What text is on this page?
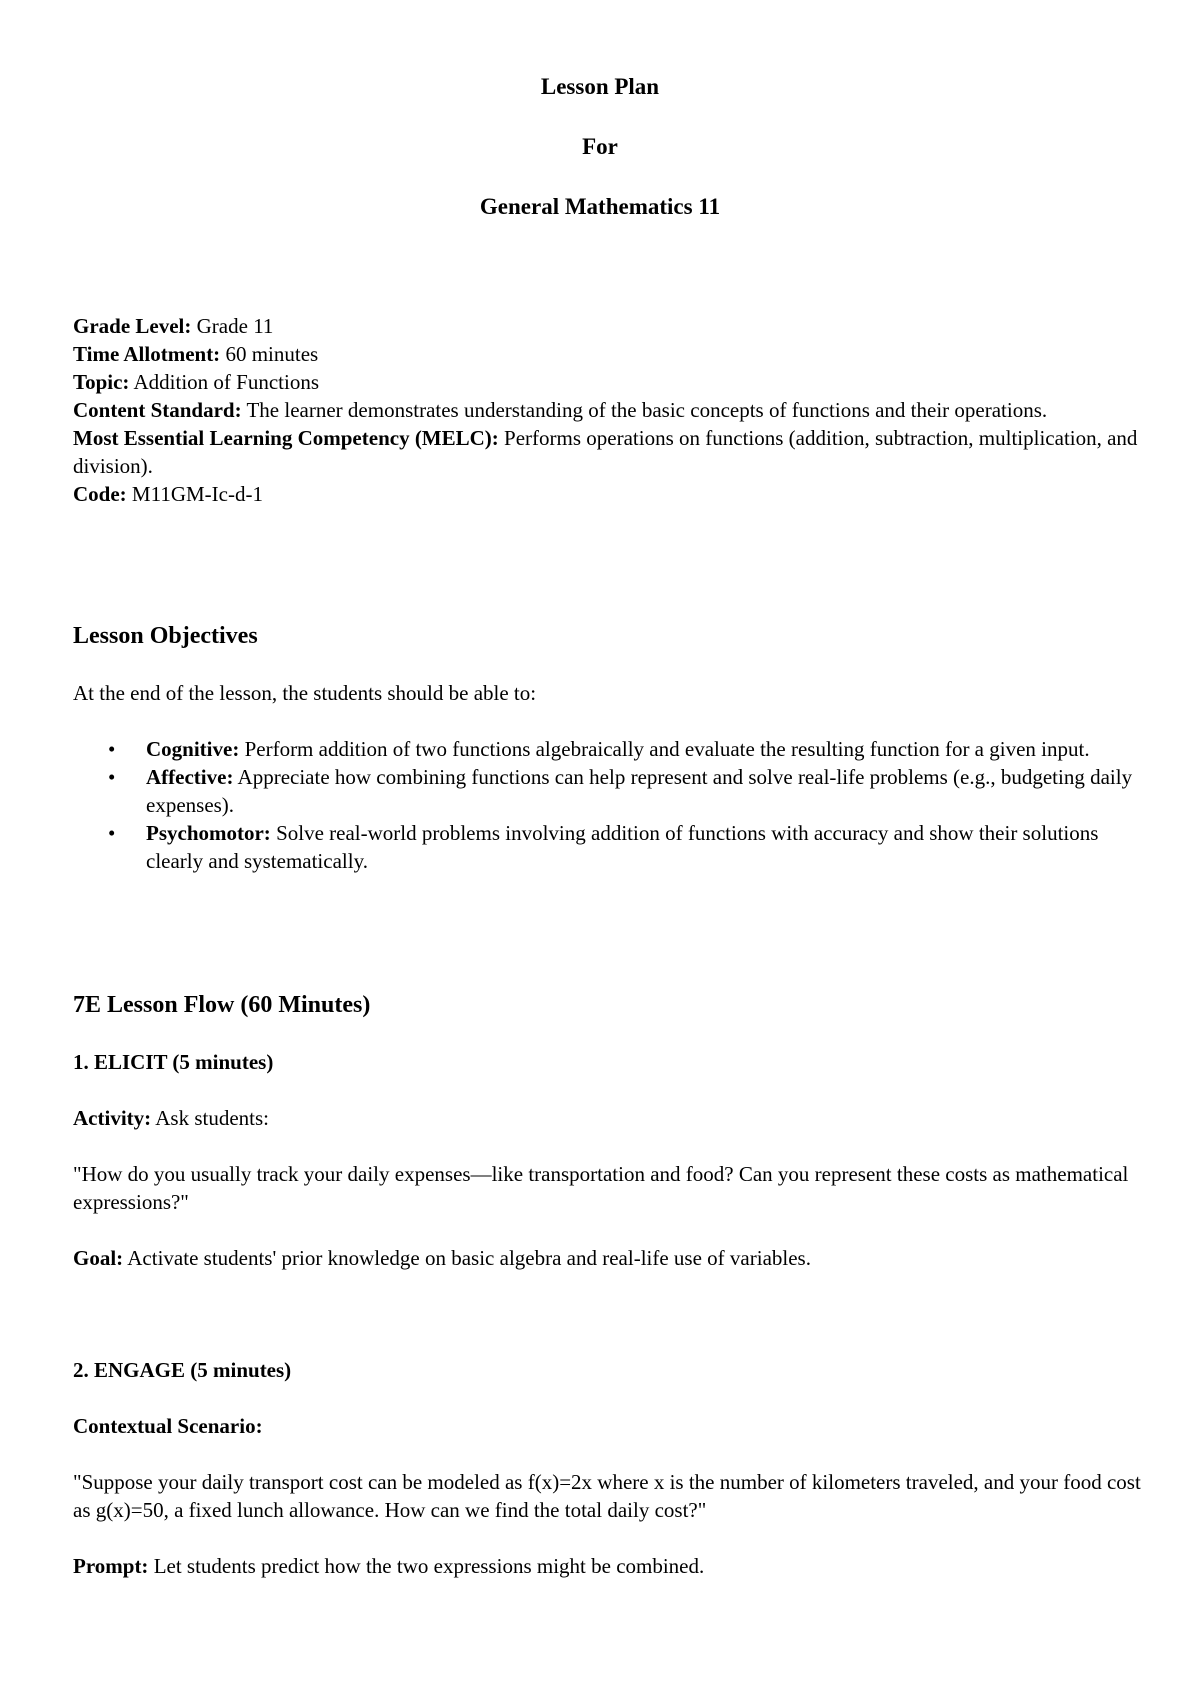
Lesson Plan
For
General Mathematics 11

Grade Level: Grade 11

Time Allotment: 60 minutes

Topic: Addition of Functions

Content Standard: The learner demonstrates understanding of the basic concepts of functions and their operations.

Most Essential Learning Competency (MELC): Performs operations on functions (addition, subtraction, multiplication, and division).

Code: M11GM-Ic-d-1

Lesson Objectives

At the end of the lesson, the students should be able to:

• Cognitive: Perform addition of two functions algebraically and evaluate the resulting function for a given input.
• Affective: Appreciate how combining functions can help represent and solve real-life problems (e.g., budgeting daily expenses).
• Psychomotor: Solve real-world problems involving addition of functions with accuracy and show their solutions clearly and systematically.

7E Lesson Flow (60 Minutes)

1. ELICIT (5 minutes)

Activity: Ask students:

"How do you usually track your daily expenses—like transportation and food? Can you represent these costs as mathematical expressions?"

Goal: Activate students' prior knowledge on basic algebra and real-life use of variables.

2. ENGAGE (5 minutes)

Contextual Scenario:

"Suppose your daily transport cost can be modeled as f(x)=2x where x is the number of kilometers traveled, and your food cost as g(x)=50, a fixed lunch allowance. How can we find the total daily cost?"

Prompt: Let students predict how the two expressions might be combined.
